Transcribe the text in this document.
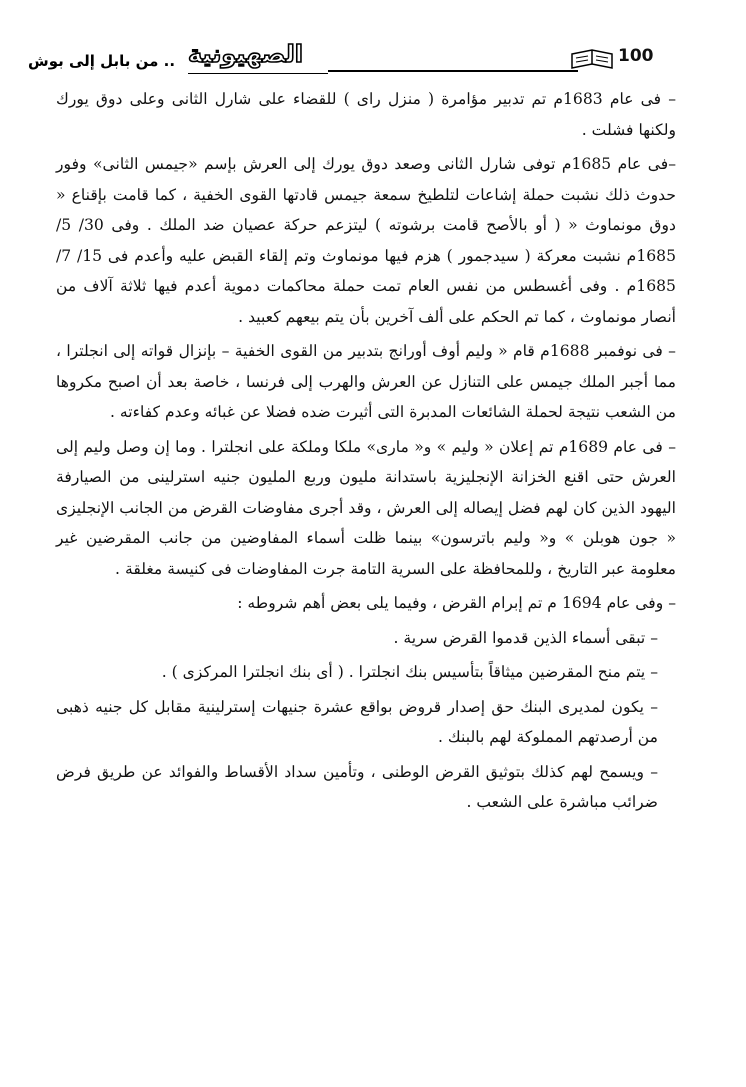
.. من بابل إلى بوش الصهيونية	100

– فى عام 1683م تم تدبير مؤامرة ( منزل راى ) للقضاء على شارل الثانى وعلى دوق يورك ولكنها فشلت .

–فى عام 1685م توفى شارل الثانى وصعد دوق يورك إلى العرش بإسم «جيمس الثانى» وفور حدوث ذلك نشبت حملة إشاعات لتلطيخ سمعة جيمس قادتها القوى الخفية ، كما قامت بإقناع « دوق مونماوث « ( أو بالأصح قامت برشوته ) ليتزعم حركة عصيان ضد الملك . وفى 30/ 5/ 1685م نشبت معركة ( سيدجمور ) هزم فيها مونماوث وتم إلقاء القبض عليه وأعدم فى 15/ 7/ 1685م . وفى أغسطس من نفس العام تمت حملة محاكمات دموية أعدم فيها ثلاثة آلاف من أنصار مونماوث ، كما تم الحكم على ألف آخرين بأن يتم بيعهم كعبيد .

– فى نوفمبر 1688م قام « وليم أوف أورانج بتدبير من القوى الخفية – بإنزال قواته إلى انجلترا ، مما أجبر الملك جيمس على التنازل عن العرش والهرب إلى فرنسا ، خاصة بعد أن اصبح مكروها من الشعب نتيجة لحملة الشائعات المدبرة التى أثيرت ضده فضلا عن غبائه وعدم كفاءته .

– فى عام 1689م تم إعلان « وليم » و« مارى» ملكا وملكة على انجلترا . وما إن وصل وليم إلى العرش حتى اقنع الخزانة الإنجليزية باستدانة مليون وربع المليون جنيه استرلينى من الصيارفة اليهود الذين كان لهم فضل إيصاله إلى العرش ، وقد أجرى مفاوضات القرض من الجانب الإنجليزى « جون هوبلن » و« وليم باترسون» بينما ظلت أسماء المفاوضين من جانب المقرضين غير معلومة عبر التاريخ ، وللمحافظة على السرية التامة جرت المفاوضات فى كنيسة مغلقة .

– وفى عام 1694 م تم إبرام القرض ، وفيما يلى بعض أهم شروطه :

– تبقى أسماء الذين قدموا القرض سرية .

– يتم منح المقرضين ميثاقاً بتأسيس بنك انجلترا . ( أى بنك انجلترا المركزى ) .

– يكون لمديرى البنك حق إصدار قروض بواقع عشرة جنيهات إسترلينية مقابل كل جنيه ذهبى من أرصدتهم المملوكة لهم بالبنك .

– ويسمح لهم كذلك بتوثيق القرض الوطنى ، وتأمين سداد الأقساط والفوائد عن طريق فرض ضرائب مباشرة على الشعب .
